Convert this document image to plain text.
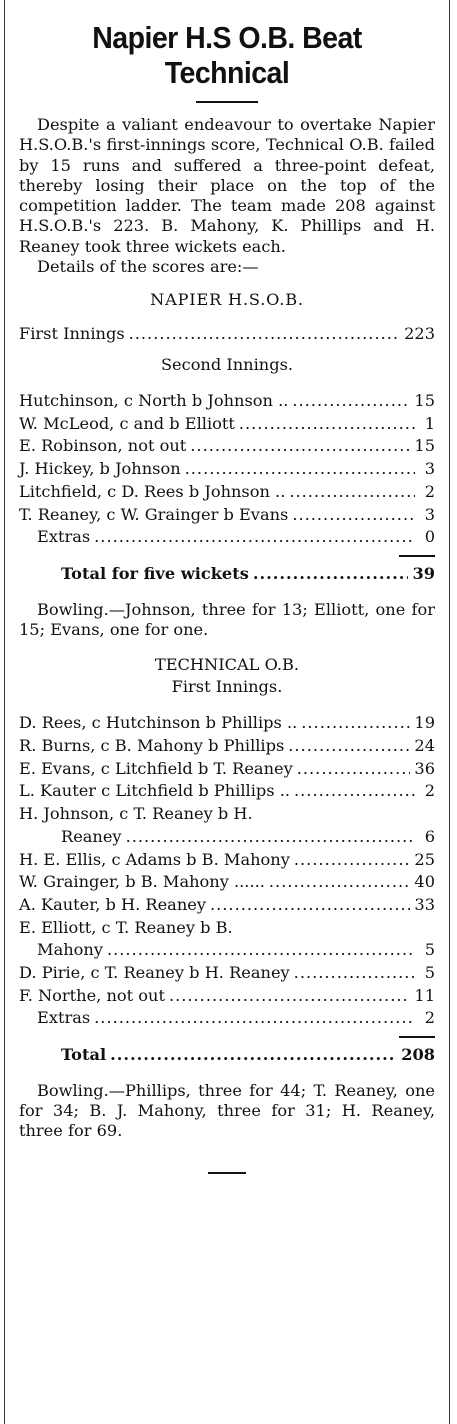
Napier H.S O.B. Beat
Technical

Despite a valiant endeavour to overtake Napier H.S.O.B.'s first-innings score, Technical O.B. failed by 15 runs and suffered a three-point defeat, thereby losing their place on the top of the competition ladder. The team made 208 against H.S.O.B.'s 223. B. Mahony, K. Phillips and H. Reaney took three wickets each.

Details of the scores are:—

NAPIER H.S.O.B.
First Innings .....	223
Second Innings.
Hutchinson, c North b Johnson .. .....	15
W. McLeod, c and b Elliott .....	1
E. Robinson, not out .....	15
J. Hickey, b Johnson .....	3
Litchfield, c D. Rees b Johnson .. .....	2
T. Reaney, c W. Grainger b Evans .....	3
Extras .....	0
Total for five wickets .....	39

Bowling.—Johnson, three for 13; Elliott, one for 15; Evans, one for one.

TECHNICAL O.B.
First Innings.
D. Rees, c Hutchinson b Phillips .. .....	19
R. Burns, c B. Mahony b Phillips .....	24
E. Evans, c Litchfield b T. Reaney .....	36
L. Kauter c Litchfield b Phillips .. .....	2
H. Johnson, c T. Reaney b H.
Reaney .....	6
H. E. Ellis, c Adams b B. Mahony .....	25
W. Grainger, b B. Mahony ...... .....	40
A. Kauter, b H. Reaney .....	33
E. Elliott, c T. Reaney b B.
Mahony .....	5
D. Pirie, c T. Reaney b H. Reaney .....	5
F. Northe, not out .....	11
Extras .....	2
Total .....	208

Bowling.—Phillips, three for 44; T. Reaney, one for 34; B. J. Mahony, three for 31; H. Reaney, three for 69.
